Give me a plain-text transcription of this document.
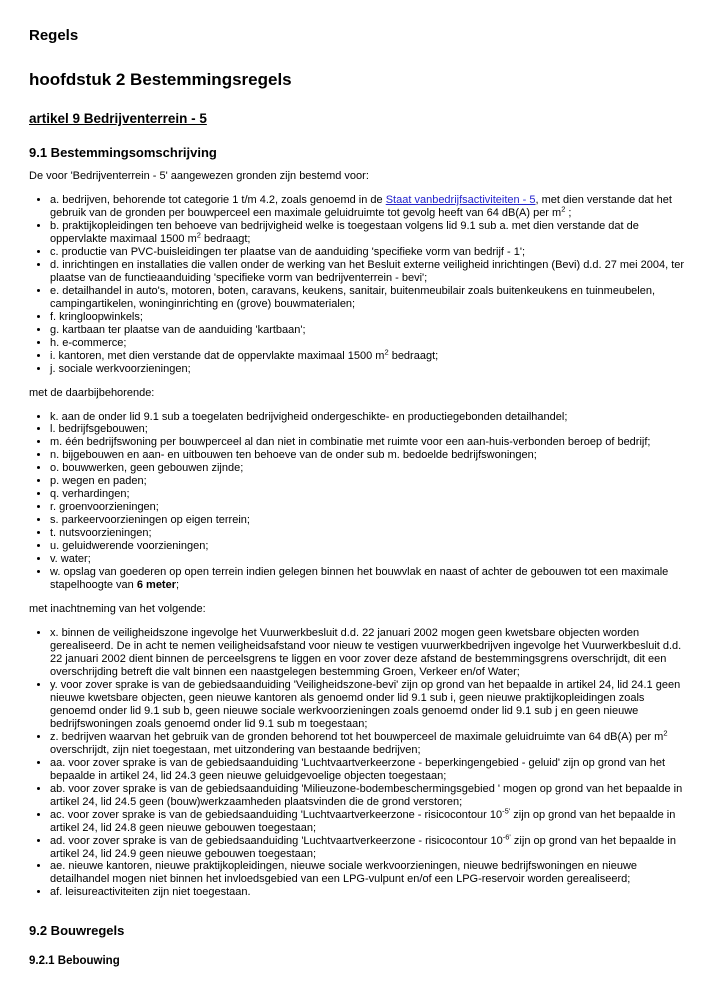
Regels
hoofdstuk 2 Bestemmingsregels
artikel 9 Bedrijventerrein - 5
9.1 Bestemmingsomschrijving

De voor 'Bedrijventerrein - 5' aangewezen gronden zijn bestemd voor:

• a. bedrijven, behorende tot categorie 1 t/m 4.2, zoals genoemd in de Staat vanbedrijfsactiviteiten - 5, met dien verstande dat het gebruik van de gronden per bouwperceel een maximale geluidruimte tot gevolg heeft van 64 dB(A) per $m^2$ ;
• b. praktijkopleidingen ten behoeve van bedrijvigheid welke is toegestaan volgens lid 9.1 sub a. met dien verstande dat de oppervlakte maximaal 1500 $m^2$ bedraagt;
• c. productie van PVC-buisleidingen ter plaatse van de aanduiding 'specifieke vorm van bedrijf - 1';
• d. inrichtingen en installaties die vallen onder de werking van het Besluit externe veiligheid inrichtingen (Bevi) d.d. 27 mei 2004, ter plaatse van de functieaanduiding 'specifieke vorm van bedrijventerrein - bevi';
• e. detailhandel in auto's, motoren, boten, caravans, keukens, sanitair, buitenmeubilair zoals buitenkeukens en tuinmeubelen, campingartikelen, woninginrichting en (grove) bouwmaterialen;
• f. kringloopwinkels;
• g. kartbaan ter plaatse van de aanduiding 'kartbaan';
• h. e-commerce;
• i. kantoren, met dien verstande dat de oppervlakte maximaal 1500 $m^2$ bedraagt;
• j. sociale werkvoorzieningen;

met de daarbijbehorende:

• k. aan de onder lid 9.1 sub a toegelaten bedrijvigheid ondergeschikte- en productiegebonden detailhandel;
• l. bedrijfsgebouwen;
• m. één bedrijfswoning per bouwperceel al dan niet in combinatie met ruimte voor een aan-huis-verbonden beroep of bedrijf;
• n. bijgebouwen en aan- en uitbouwen ten behoeve van de onder sub m. bedoelde bedrijfswoningen;
• o. bouwwerken, geen gebouwen zijnde;
• p. wegen en paden;
• q. verhardingen;
• r. groenvoorzieningen;
• s. parkeervoorzieningen op eigen terrein;
• t. nutsvoorzieningen;
• u. geluidwerende voorzieningen;
• v. water;
• w. opslag van goederen op open terrein indien gelegen binnen het bouwvlak en naast of achter de gebouwen tot een maximale stapelhoogte van 6 meter;

met inachtneming van het volgende:

• x. binnen de veiligheidszone ingevolge het Vuurwerkbesluit d.d. 22 januari 2002 mogen geen kwetsbare objecten worden gerealiseerd. De in acht te nemen veiligheidsafstand voor nieuw te vestigen vuurwerkbedrijven ingevolge het Vuurwerkbesluit d.d. 22 januari 2002 dient binnen de perceelsgrens te liggen en voor zover deze afstand de bestemmingsgrens overschrijdt, dit een overschrijding betreft die valt binnen een naastgelegen bestemming Groen, Verkeer en/of Water;
• y. voor zover sprake is van de gebiedsaanduiding 'Veiligheidszone-bevi' zijn op grond van het bepaalde in artikel 24, lid 24.1 geen nieuwe kwetsbare objecten, geen nieuwe kantoren als genoemd onder lid 9.1 sub i, geen nieuwe praktijkopleidingen zoals genoemd onder lid 9.1 sub b, geen nieuwe sociale werkvoorzieningen zoals genoemd onder lid 9.1 sub j en geen nieuwe bedrijfswoningen zoals genoemd onder lid 9.1 sub m toegestaan;
• z. bedrijven waarvan het gebruik van de gronden behorend tot het bouwperceel de maximale geluidruimte van 64 dB(A) per $m^2$ overschrijdt, zijn niet toegestaan, met uitzondering van bestaande bedrijven;
• aa. voor zover sprake is van de gebiedsaanduiding 'Luchtvaartverkeerzone - beperkingengebied - geluid' zijn op grond van het bepaalde in artikel 24, lid 24.3 geen nieuwe geluidgevoelige objecten toegestaan;
• ab. voor zover sprake is van de gebiedsaanduiding 'Milieuzone-bodembeschermingsgebied ' mogen op grond van het bepaalde in artikel 24, lid 24.5 geen (bouw)werkzaamheden plaatsvinden die de grond verstoren;
• ac. voor zover sprake is van de gebiedsaanduiding 'Luchtvaartverkeerzone - risicocontour $10^{-5'}$ zijn op grond van het bepaalde in artikel 24, lid 24.8 geen nieuwe gebouwen toegestaan;
• ad. voor zover sprake is van de gebiedsaanduiding 'Luchtvaartverkeerzone - risicocontour $10^{-6'}$ zijn op grond van het bepaalde in artikel 24, lid 24.9 geen nieuwe gebouwen toegestaan;
• ae. nieuwe kantoren, nieuwe praktijkopleidingen, nieuwe sociale werkvoorzieningen, nieuwe bedrijfswoningen en nieuwe detailhandel mogen niet binnen het invloedsgebied van een LPG-vulpunt en/of een LPG-reservoir worden gerealiseerd;
• af. leisureactiviteiten zijn niet toegestaan.
9.2 Bouwregels
9.2.1 Bebouwing
